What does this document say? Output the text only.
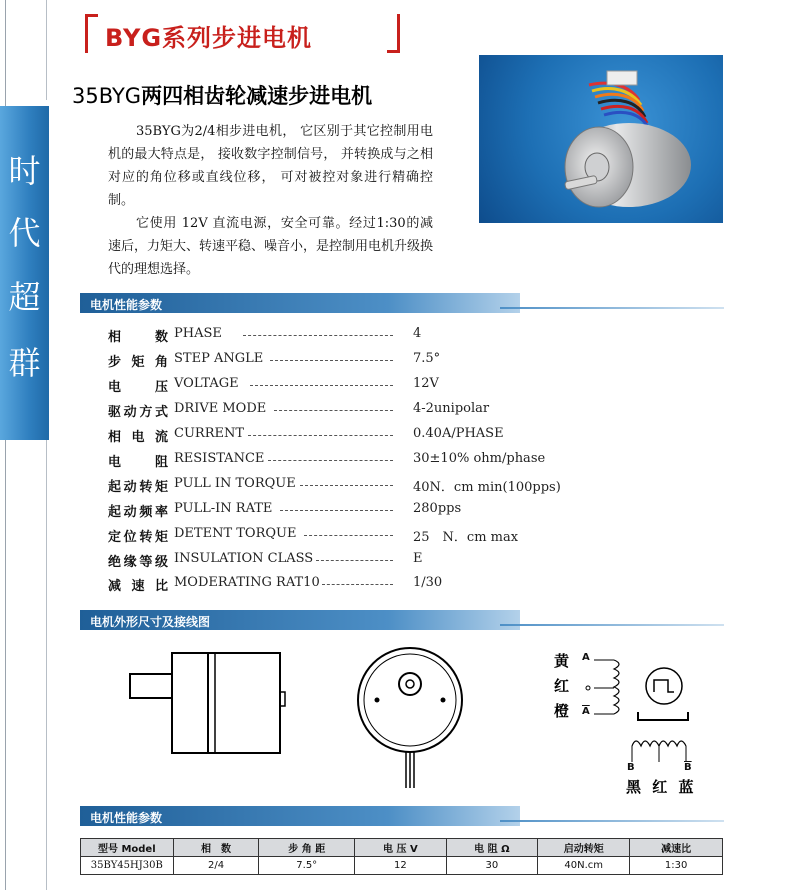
BYG系列步进电机
35BYG两四相齿轮减速步进电机
时
代
超
群

35BYG为2/4相步进电机， 它区别于其它控制用电机的最大特点是， 接收数字控制信号， 并转换成与之相对应的角位移或直线位移， 可对被控对象进行精确控制。

它使用 12V 直流电源，安全可靠。经过1:30的减速后，力矩大、转速平稳、噪音小，是控制用电机升级换代的理想选择。

电机性能参数
相数 PHASE	4
步矩角 STEP ANGLE	7.5°
电压 VOLTAGE	12V
驱动方式 DRIVE MODE	4-2unipolar
相电流 CURRENT	0.40A/PHASE
电阻 RESISTANCE	30±10% ohm/phase
起动转矩 PULL IN TORQUE	40N．cm min(100pps)
起动频率 PULL-IN RATE	280pps
定位转矩 DETENT TORQUE	25　N．cm max
绝缘等级 INSULATION CLASS	E
减速比 MODERATING RAT10	1/30
电机外形尺寸及接线图
黄
红
橙
A
$\overline{A}$
B	$\overline{B}$
黑 红 蓝
电机性能参数
型号 Model	相　数	步 角 距	电 压 V	电 阻 Ω	启动转矩	减速比
35BY45HJ30B	2/4	7.5°	12	30	40N.cm	1:30
